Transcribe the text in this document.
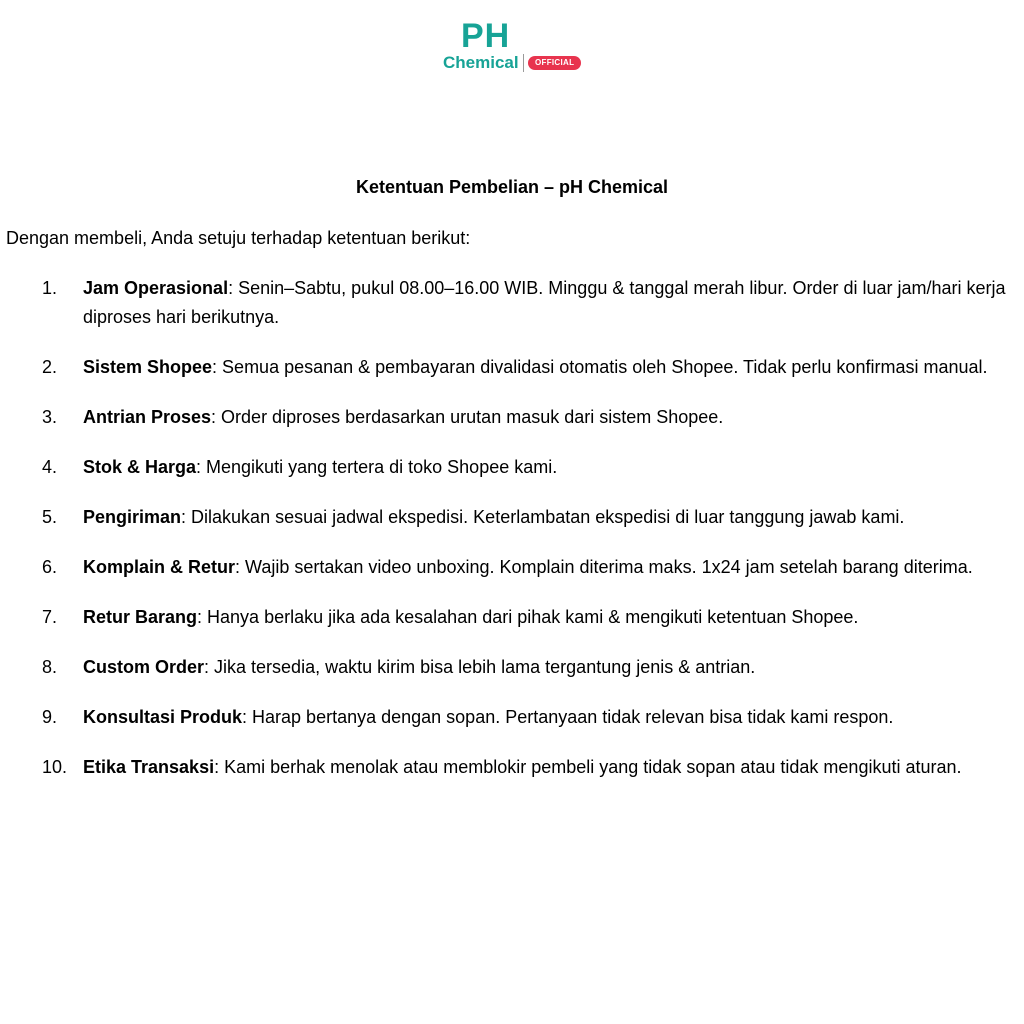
PH
Chemical	OFFICIAL
Ketentuan Pembelian – pH Chemical

Dengan membeli, Anda setuju terhadap ketentuan berikut:

1. Jam Operasional: Senin–Sabtu, pukul 08.00–16.00 WIB. Minggu & tanggal merah libur. Order di luar jam/hari kerja diproses hari berikutnya.
2. Sistem Shopee: Semua pesanan & pembayaran divalidasi otomatis oleh Shopee. Tidak perlu konfirmasi manual.
3. Antrian Proses: Order diproses berdasarkan urutan masuk dari sistem Shopee.
4. Stok & Harga: Mengikuti yang tertera di toko Shopee kami.
5. Pengiriman: Dilakukan sesuai jadwal ekspedisi. Keterlambatan ekspedisi di luar tanggung jawab kami.
6. Komplain & Retur: Wajib sertakan video unboxing. Komplain diterima maks. 1x24 jam setelah barang diterima.
7. Retur Barang: Hanya berlaku jika ada kesalahan dari pihak kami & mengikuti ketentuan Shopee.
8. Custom Order: Jika tersedia, waktu kirim bisa lebih lama tergantung jenis & antrian.
9. Konsultasi Produk: Harap bertanya dengan sopan. Pertanyaan tidak relevan bisa tidak kami respon.
10. Etika Transaksi: Kami berhak menolak atau memblokir pembeli yang tidak sopan atau tidak mengikuti aturan.
